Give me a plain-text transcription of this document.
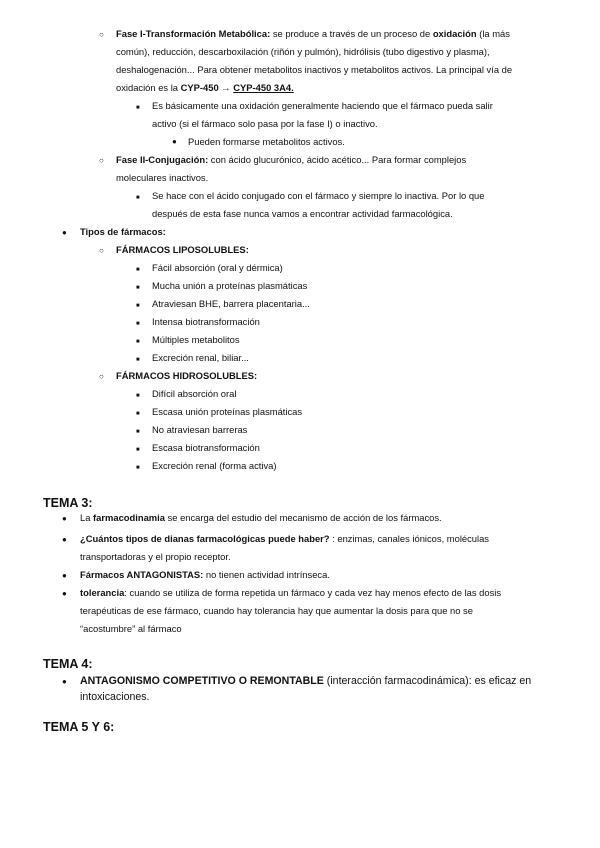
○ Fase I-Transformación Metabólica: se produce a través de un proceso de oxidación (la más
común), reducción, descarboxilación (riñón y pulmón), hidrólisis (tubo digestivo y plasma),
deshalogenación... Para obtener metabolitos inactivos y metabolitos activos. La principal vía de
oxidación es la CYP-450 → CYP-450 3A4.
■ Es básicamente una oxidación generalmente haciendo que el fármaco pueda salir
activo (si el fármaco solo pasa por la fase I) o inactivo.
● Pueden formarse metabolitos activos.
○ Fase II-Conjugación: con ácido glucurónico, ácido acético... Para formar complejos
moleculares inactivos.
■ Se hace con el ácido conjugado con el fármaco y siempre lo inactiva. Por lo que
después de esta fase nunca vamos a encontrar actividad farmacológica.
● Tipos de fármacos:
○ FÁRMACOS LIPOSOLUBLES:
■ Fácil absorción (oral y dérmica)
■ Mucha unión a proteínas plasmáticas
■ Atraviesan BHE, barrera placentaria...
■ Intensa biotransformación
■ Múltiples metabolitos
■ Excreción renal, biliar...
○ FÁRMACOS HIDROSOLUBLES:
■ Difícil absorción oral
■ Escasa unión proteínas plasmáticas
■ No atraviesan barreras
■ Escasa biotransformación
■ Excreción renal (forma activa)
TEMA 3:
● La farmacodinamia se encarga del estudio del mecanismo de acción de los fármacos.
● ¿Cuántos tipos de dianas farmacológicas puede haber? : enzimas, canales iónicos, moléculas
transportadoras y el propio receptor.
● Fármacos ANTAGONISTAS: no tienen actividad intrínseca.
● tolerancia: cuando se utiliza de forma repetida un fármaco y cada vez hay menos efecto de las dosis
terapéuticas de ese fármaco, cuando hay tolerancia hay que aumentar la dosis para que no se
“acostumbre” al fármaco
TEMA 4:
● ANTAGONISMO COMPETITIVO O REMONTABLE (interacción farmacodinámica): es eficaz en
intoxicaciones.
TEMA 5 Y 6:
